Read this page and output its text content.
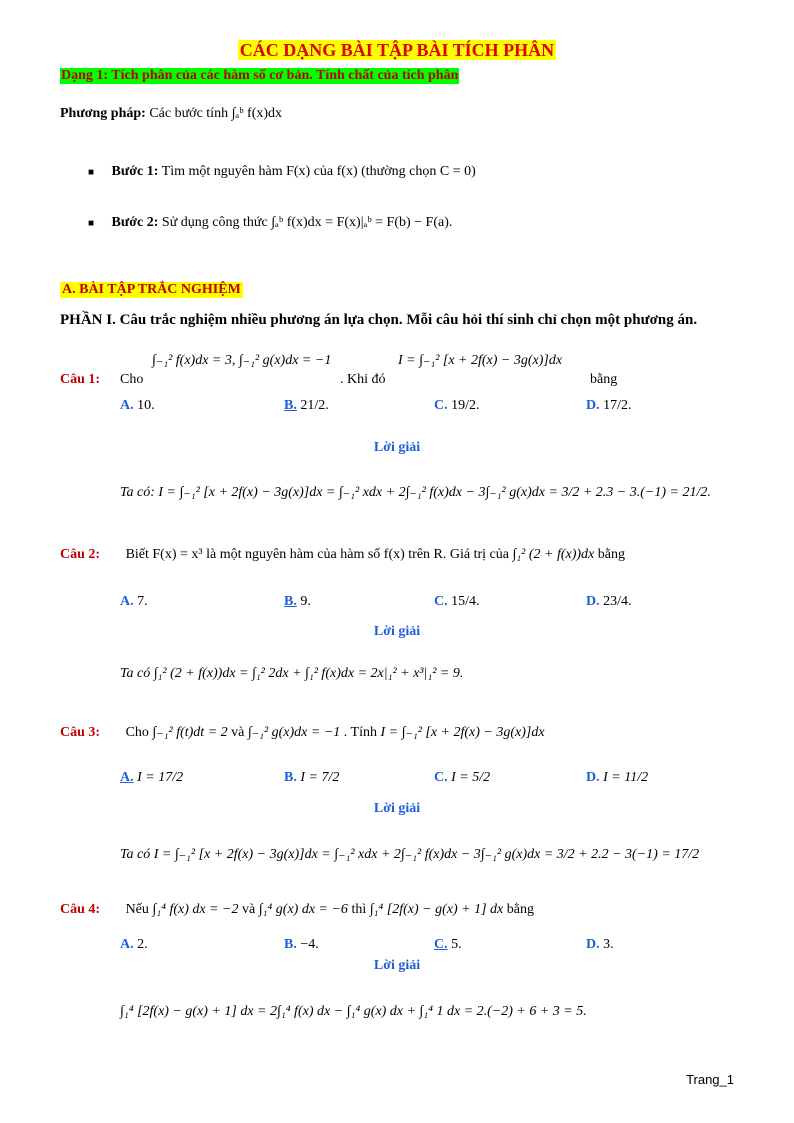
CÁC DẠNG BÀI TẬP BÀI TÍCH PHÂN
Dạng 1: Tích phân của các hàm số cơ bản. Tính chất của tích phân
Phương pháp: Các bước tính ∫ₐᵇ f(x)dx
■ Bước 1: Tìm một nguyên hàm F(x) của f(x) (thường chọn C = 0)
■ Bước 2: Sử dụng công thức ∫ₐᵇ f(x)dx = F(x)|ₐᵇ = F(b) − F(a).
A. BÀI TẬP TRẮC NGHIỆM
PHẦN I. Câu trắc nghiệm nhiều phương án lựa chọn. Mỗi câu hỏi thí sinh chỉ chọn một phương án.
Câu 1: Cho
∫₋₁² f(x)dx = 3, ∫₋₁² g(x)dx = −1
. Khi đó
I = ∫₋₁² [x + 2f(x) − 3g(x)]dx
bằng
A. 10.	B. 21/2.	C. 19/2.	D. 17/2.
Lời giải
Ta có: I = ∫₋₁² [x + 2f(x) − 3g(x)]dx = ∫₋₁² xdx + 2∫₋₁² f(x)dx − 3∫₋₁² g(x)dx = 3/2 + 2.3 − 3.(−1) = 21/2.
Câu 2: Biết F(x) = x³ là một nguyên hàm của hàm số f(x) trên R. Giá trị của ∫₁² (2 + f(x))dx bằng
A. 7.	B. 9.	C. 15/4.	D. 23/4.
Lời giải
Ta có ∫₁² (2 + f(x))dx = ∫₁² 2dx + ∫₁² f(x)dx = 2x|₁² + x³|₁² = 9.
Câu 3: Cho ∫₋₁² f(t)dt = 2 và ∫₋₁² g(x)dx = −1 . Tính I = ∫₋₁² [x + 2f(x) − 3g(x)]dx
A. I = 17/2	B. I = 7/2	C. I = 5/2	D. I = 11/2
Lời giải
Ta có I = ∫₋₁² [x + 2f(x) − 3g(x)]dx = ∫₋₁² xdx + 2∫₋₁² f(x)dx − 3∫₋₁² g(x)dx = 3/2 + 2.2 − 3(−1) = 17/2
Câu 4: Nếu ∫₁⁴ f(x) dx = −2 và ∫₁⁴ g(x) dx = −6 thì ∫₁⁴ [2f(x) − g(x) + 1] dx bằng
A. 2.	B. −4.	C. 5.	D. 3.
Lời giải
∫₁⁴ [2f(x) − g(x) + 1] dx = 2∫₁⁴ f(x) dx − ∫₁⁴ g(x) dx + ∫₁⁴ 1 dx = 2.(−2) + 6 + 3 = 5.
Trang_1
